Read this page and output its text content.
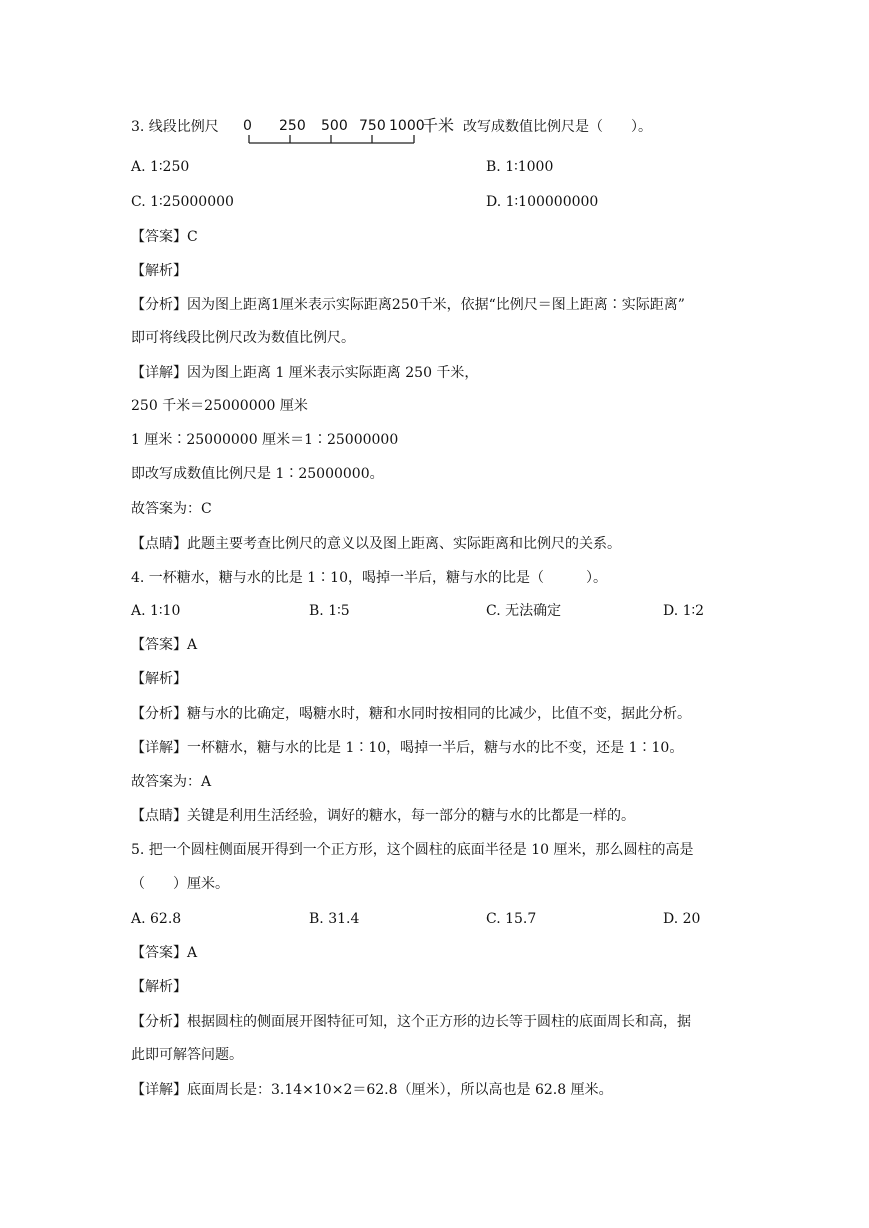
3. 线段比例尺 0 250 500 750 1000
千米 改写成数值比例尺是（　　）。
A. 1∶250	B. 1∶1000
C. 1∶25000000	D. 1∶100000000
【答案】C
【解析】
【分析】因为图上距离1厘米表示实际距离250千米，依据“比例尺＝图上距离∶实际距离”
即可将线段比例尺改为数值比例尺。
【详解】因为图上距离 1 厘米表示实际距离 250 千米，
250 千米＝25000000 厘米
1 厘米∶25000000 厘米＝1∶25000000
即改写成数值比例尺是 1∶25000000。
故答案为：C
【点睛】此题主要考查比例尺的意义以及图上距离、实际距离和比例尺的关系。
4. 一杯糖水，糖与水的比是 1∶10，喝掉一半后，糖与水的比是（　　　）。
A. 1∶10	B. 1∶5	C. 无法确定	D. 1∶2
【答案】A
【解析】
【分析】糖与水的比确定，喝糖水时，糖和水同时按相同的比减少，比值不变，据此分析。
【详解】一杯糖水，糖与水的比是 1∶10，喝掉一半后，糖与水的比不变，还是 1∶10。
故答案为：A
【点睛】关键是利用生活经验，调好的糖水，每一部分的糖与水的比都是一样的。
5. 把一个圆柱侧面展开得到一个正方形，这个圆柱的底面半径是 10 厘米，那么圆柱的高是
（　　）厘米。
A. 62.8	B. 31.4	C. 15.7	D. 20
【答案】A
【解析】
【分析】根据圆柱的侧面展开图特征可知，这个正方形的边长等于圆柱的底面周长和高，据
此即可解答问题。
【详解】底面周长是：3.14×10×2＝62.8（厘米），所以高也是 62.8 厘米。
